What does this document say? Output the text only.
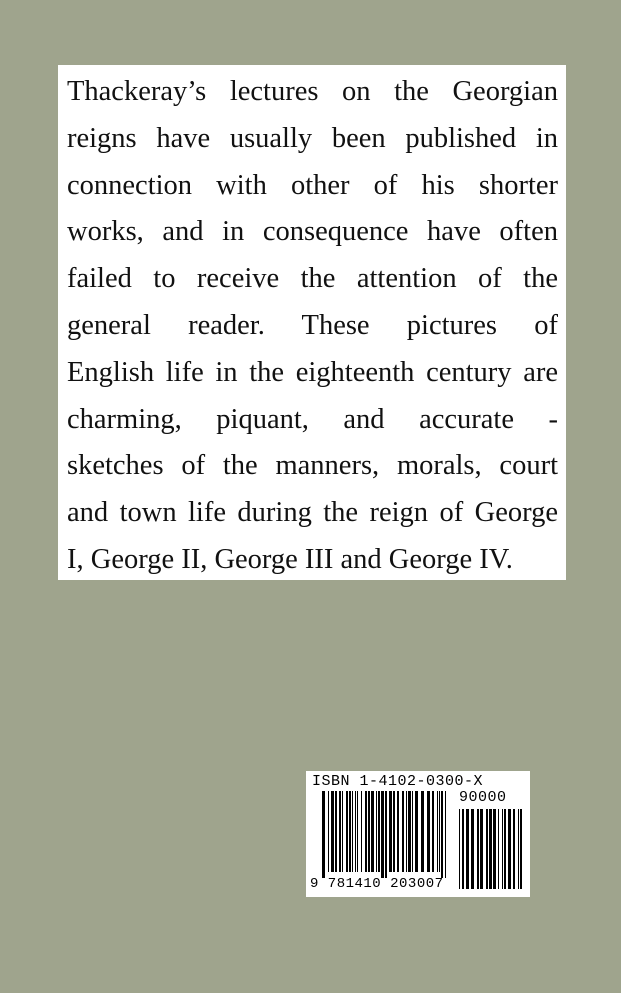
Thackeray’s lectures on the Georgian
reigns have usually been published in
connection with other of his shorter
works, and in consequence have often
failed to receive the attention of the
general reader. These pictures of
English life in the eighteenth century are
charming, piquant, and accurate -
sketches of the manners, morals, court
and town life during the reign of George
I, George II, George III and George IV.
ISBN 1-4102-0300-X
90000
9 781410 203007
